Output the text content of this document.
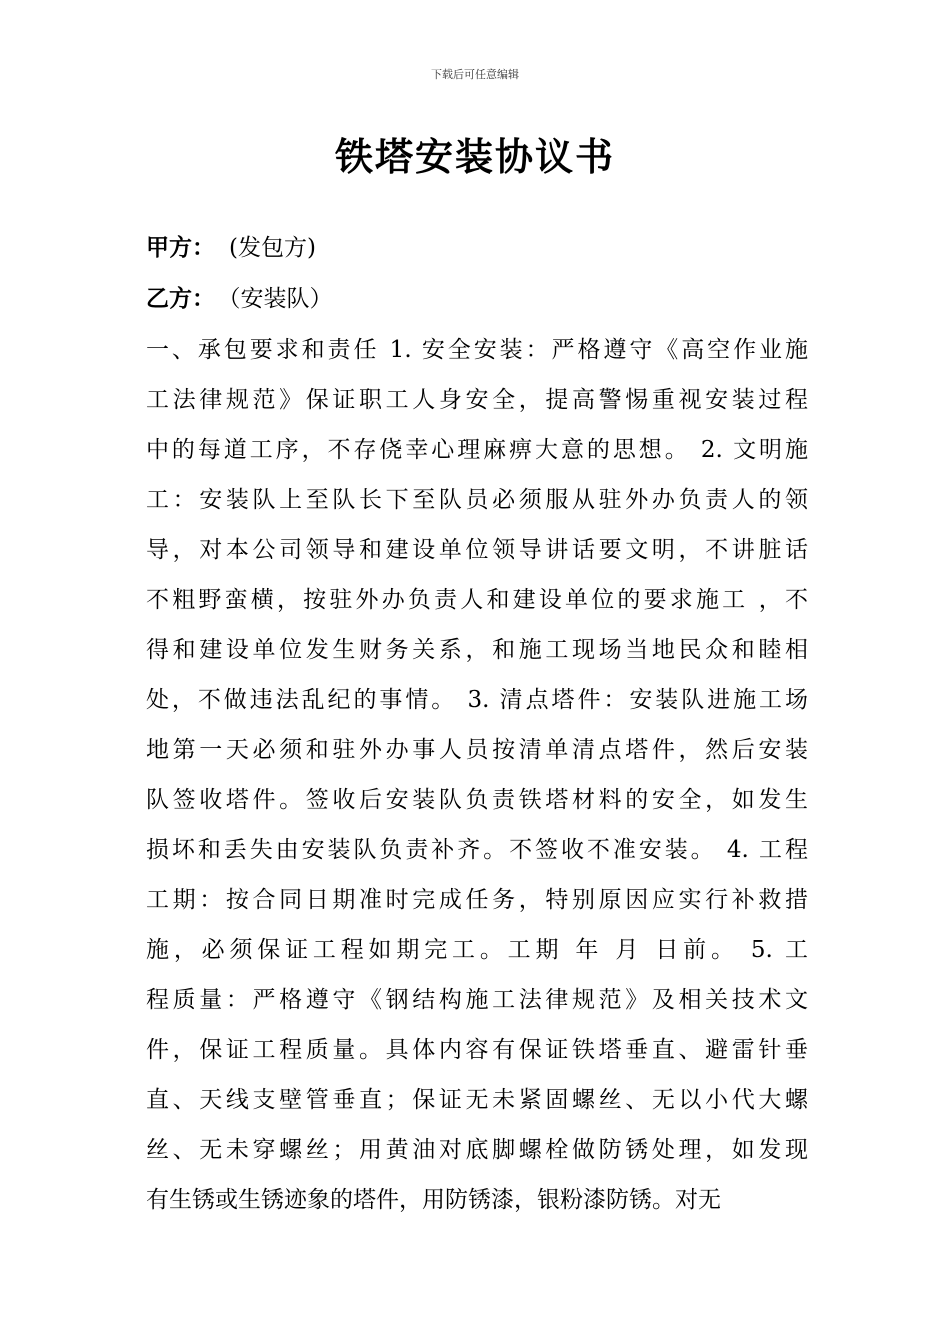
下载后可任意编辑
铁塔安装协议书
甲方： (发包方)
乙方： （安装队）
一、承包要求和责任 1. 安全安装：严格遵守《高空作业施
工法律规范》保证职工人身安全，提高警惕重视安装过程
中的每道工序，不存侥幸心理麻痹大意的思想。 2. 文明施
工：安装队上至队长下至队员必须服从驻外办负责人的领
导，对本公司领导和建设单位领导讲话要文明，不讲脏话
不粗野蛮横，按驻外办负责人和建设单位的要求施工 ，不
得和建设单位发生财务关系，和施工现场当地民众和睦相
处，不做违法乱纪的事情。 3. 清点塔件：安装队进施工场
地第一天必须和驻外办事人员按清单清点塔件，然后安装
队签收塔件。签收后安装队负责铁塔材料的安全，如发生
损坏和丢失由安装队负责补齐。不签收不准安装。 4. 工程
工期：按合同日期准时完成任务，特别原因应实行补救措
施，必须保证工程如期完工。工期 年 月 日前。 5. 工
程质量：严格遵守《钢结构施工法律规范》及相关技术文
件，保证工程质量。具体内容有保证铁塔垂直、避雷针垂
直、天线支壁管垂直；保证无未紧固螺丝、无以小代大螺
丝、无未穿螺丝；用黄油对底脚螺栓做防锈处理，如发现
有生锈或生锈迹象的塔件，用防锈漆，银粉漆防锈。对无
